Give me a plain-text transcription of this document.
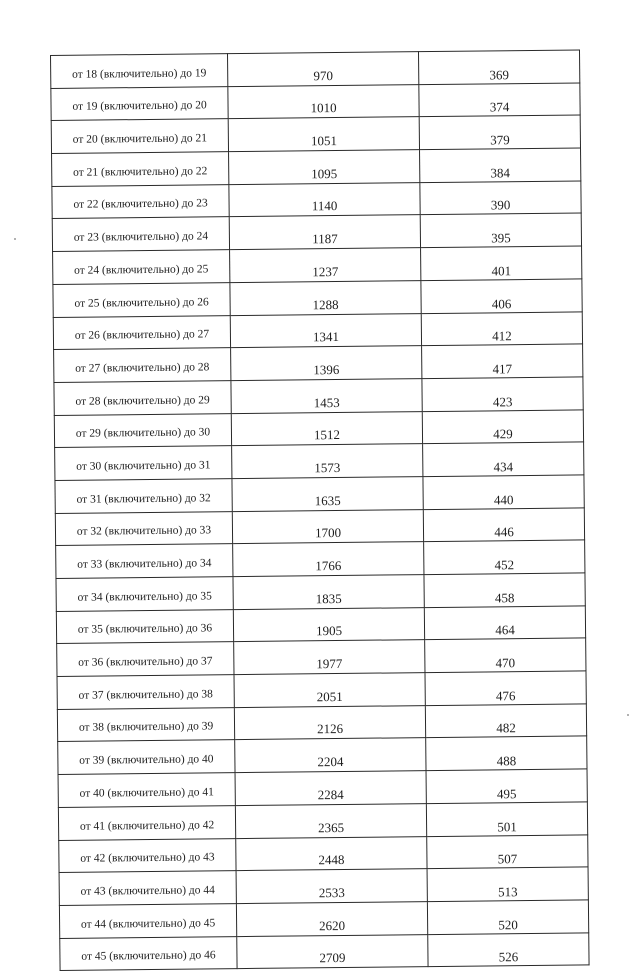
от 18 (включительно) до 19	970	369
от 19 (включительно) до 20	1010	374
от 20 (включительно) до 21	1051	379
от 21 (включительно) до 22	1095	384
от 22 (включительно) до 23	1140	390
от 23 (включительно) до 24	1187	395
от 24 (включительно) до 25	1237	401
от 25 (включительно) до 26	1288	406
от 26 (включительно) до 27	1341	412
от 27 (включительно) до 28	1396	417
от 28 (включительно) до 29	1453	423
от 29 (включительно) до 30	1512	429
от 30 (включительно) до 31	1573	434
от 31 (включительно) до 32	1635	440
от 32 (включительно) до 33	1700	446
от 33 (включительно) до 34	1766	452
от 34 (включительно) до 35	1835	458
от 35 (включительно) до 36	1905	464
от 36 (включительно) до 37	1977	470
от 37 (включительно) до 38	2051	476
от 38 (включительно) до 39	2126	482
от 39 (включительно) до 40	2204	488
от 40 (включительно) до 41	2284	495
от 41 (включительно) до 42	2365	501
от 42 (включительно) до 43	2448	507
от 43 (включительно) до 44	2533	513
от 44 (включительно) до 45	2620	520
от 45 (включительно) до 46	2709	526
